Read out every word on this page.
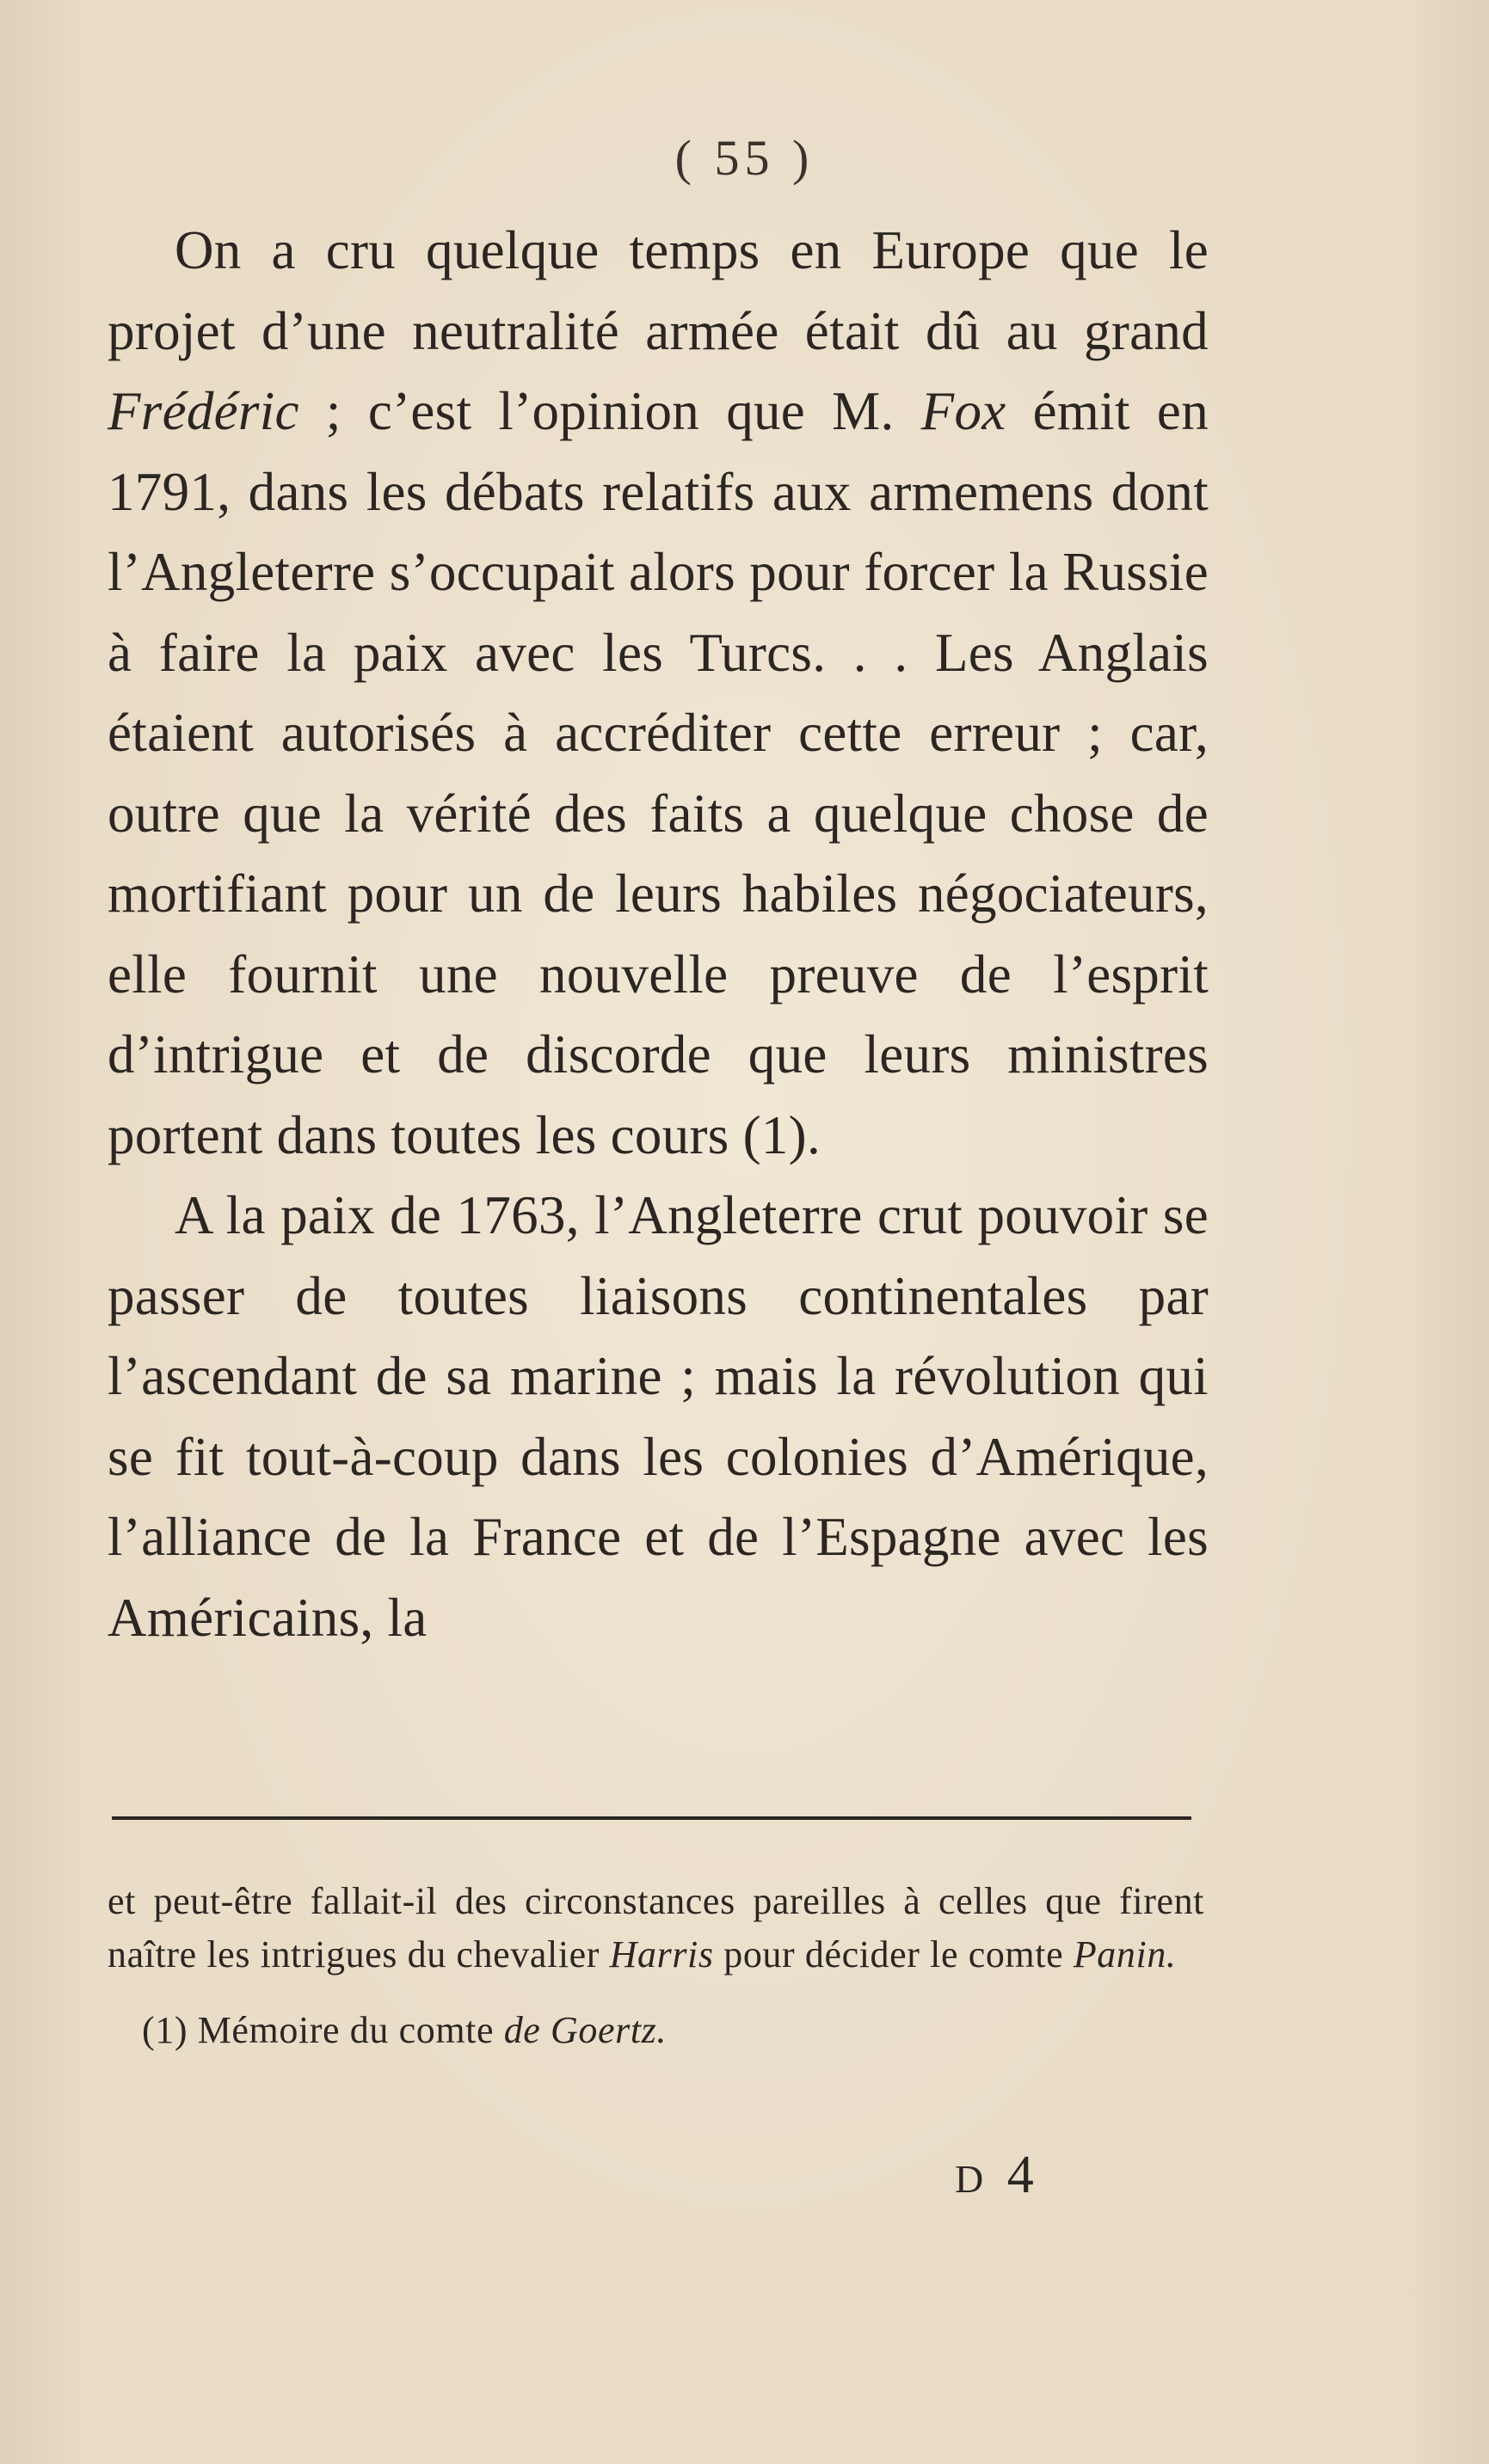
( 55 )

On a cru quelque temps en Europe que le projet d’une neutralité armée était dû au grand Frédéric ; c’est l’opinion que M. Fox émit en 1791, dans les débats relatifs aux armemens dont l’Angleterre s’occupait alors pour forcer la Russie à faire la paix avec les Turcs. . . Les Anglais étaient autorisés à accréditer cette erreur ; car, outre que la vérité des faits a quelque chose de mortifiant pour un de leurs habiles négociateurs, elle fournit une nouvelle preuve de l’esprit d’intrigue et de discorde que leurs ministres portent dans toutes les cours (1).

A la paix de 1763, l’Angleterre crut pouvoir se passer de toutes liaisons continentales par l’ascendant de sa marine ; mais la révolution qui se fit tout-à-coup dans les colonies d’Amérique, l’alliance de la France et de l’Espagne avec les Américains, la

et peut-être fallait-il des circonstances pareilles à celles que firent naître les intrigues du chevalier Harris pour décider le comte Panin.

(1) Mémoire du comte de Goertz.

D 4
